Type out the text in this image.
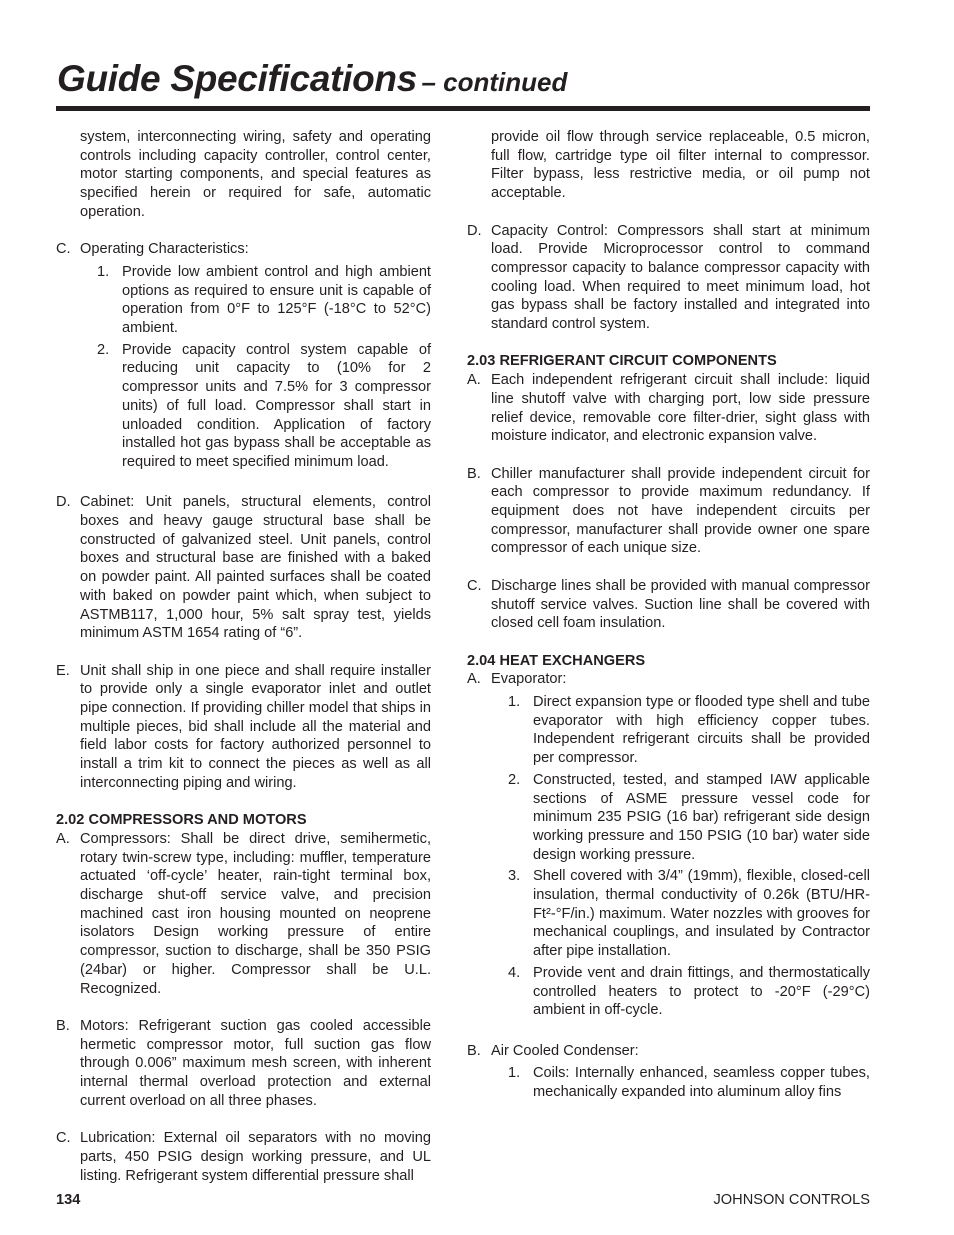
Guide Specifications – continued
system, interconnecting wiring, safety and operating controls including capacity controller, control center, motor starting components, and special features as specified herein or required for safe, automatic operation.
C. Operating Characteristics:
1. Provide low ambient control and high ambient options as required to ensure unit is capable of operation from 0°F to 125°F (-18°C to 52°C) ambient.
2. Provide capacity control system capable of reducing unit capacity to (10% for 2 compressor units and 7.5% for 3 compressor units) of full load. Compressor shall start in unloaded condition. Application of factory installed hot gas bypass shall be acceptable as required to meet specified minimum load.
D. Cabinet: Unit panels, structural elements, control boxes and heavy gauge structural base shall be constructed of galvanized steel. Unit panels, control boxes and structural base are finished with a baked on powder paint. All painted surfaces shall be coated with baked on powder paint which, when subject to ASTMB117, 1,000 hour, 5% salt spray test, yields minimum ASTM 1654 rating of “6”.
E. Unit shall ship in one piece and shall require installer to provide only a single evaporator inlet and outlet pipe connection. If providing chiller model that ships in multiple pieces, bid shall include all the material and field labor costs for factory authorized personnel to install a trim kit to connect the pieces as well as all interconnecting piping and wiring.
2.02 COMPRESSORS AND MOTORS
A. Compressors: Shall be direct drive, semihermetic, rotary twin-screw type, including: muffler, temperature actuated ‘off-cycle’ heater, rain-tight terminal box, discharge shut-off service valve, and precision machined cast iron housing mounted on neoprene isolators Design working pressure of entire compressor, suction to discharge, shall be 350 PSIG (24bar) or higher. Compressor shall be U.L. Recognized.
B. Motors: Refrigerant suction gas cooled accessible hermetic compressor motor, full suction gas flow through 0.006” maximum mesh screen, with inherent internal thermal overload protection and external current overload on all three phases.
C. Lubrication: External oil separators with no moving parts, 450 PSIG design working pressure, and UL listing. Refrigerant system differential pressure shall
provide oil flow through service replaceable, 0.5 micron, full flow, cartridge type oil filter internal to compressor. Filter bypass, less restrictive media, or oil pump not acceptable.
D. Capacity Control: Compressors shall start at minimum load. Provide Microprocessor control to command compressor capacity to balance compressor capacity with cooling load. When required to meet minimum load, hot gas bypass shall be factory installed and integrated into standard control system.
2.03 REFRIGERANT CIRCUIT COMPONENTS
A. Each independent refrigerant circuit shall include: liquid line shutoff valve with charging port, low side pressure relief device, removable core filter-drier, sight glass with moisture indicator, and electronic expansion valve.
B. Chiller manufacturer shall provide independent circuit for each compressor to provide maximum redundancy. If equipment does not have independent circuits per compressor, manufacturer shall provide owner one spare compressor of each unique size.
C. Discharge lines shall be provided with manual compressor shutoff service valves. Suction line shall be covered with closed cell foam insulation.
2.04 HEAT EXCHANGERS
A. Evaporator:
1. Direct expansion type or flooded type shell and tube evaporator with high efficiency copper tubes. Independent refrigerant circuits shall be provided per compressor.
2. Constructed, tested, and stamped IAW applicable sections of ASME pressure vessel code for minimum 235 PSIG (16 bar) refrigerant side design working pressure and 150 PSIG (10 bar) water side design working pressure.
3. Shell covered with 3/4” (19mm), flexible, closed-cell insulation, thermal conductivity of 0.26k (BTU/HR-Ft²-°F/in.) maximum. Water nozzles with grooves for mechanical couplings, and insulated by Contractor after pipe installation.
4. Provide vent and drain fittings, and thermostatically controlled heaters to protect to -20°F (-29°C) ambient in off-cycle.
B. Air Cooled Condenser:
1. Coils: Internally enhanced, seamless copper tubes, mechanically expanded into aluminum alloy fins
134	JOHNSON CONTROLS
